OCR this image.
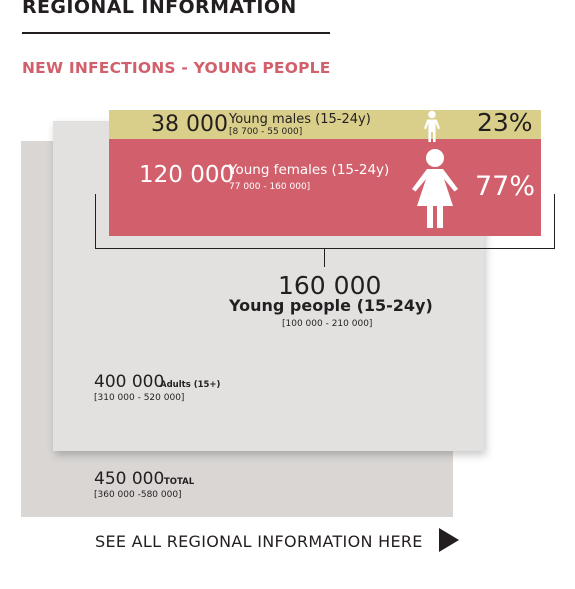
REGIONAL INFORMATION
NEW INFECTIONS - YOUNG PEOPLE
38 000 Young males (15-24y)
[8 700 - 55 000]	23%
120 000
Young females (15-24y)
77 000 - 160 000]	77%
160 000
Young people (15-24y)
[100 000 - 210 000]
400 000
Adults (15+)
[310 000 - 520 000]
450 000 TOTAL
[360 000 -580 000]
SEE ALL REGIONAL INFORMATION HERE
